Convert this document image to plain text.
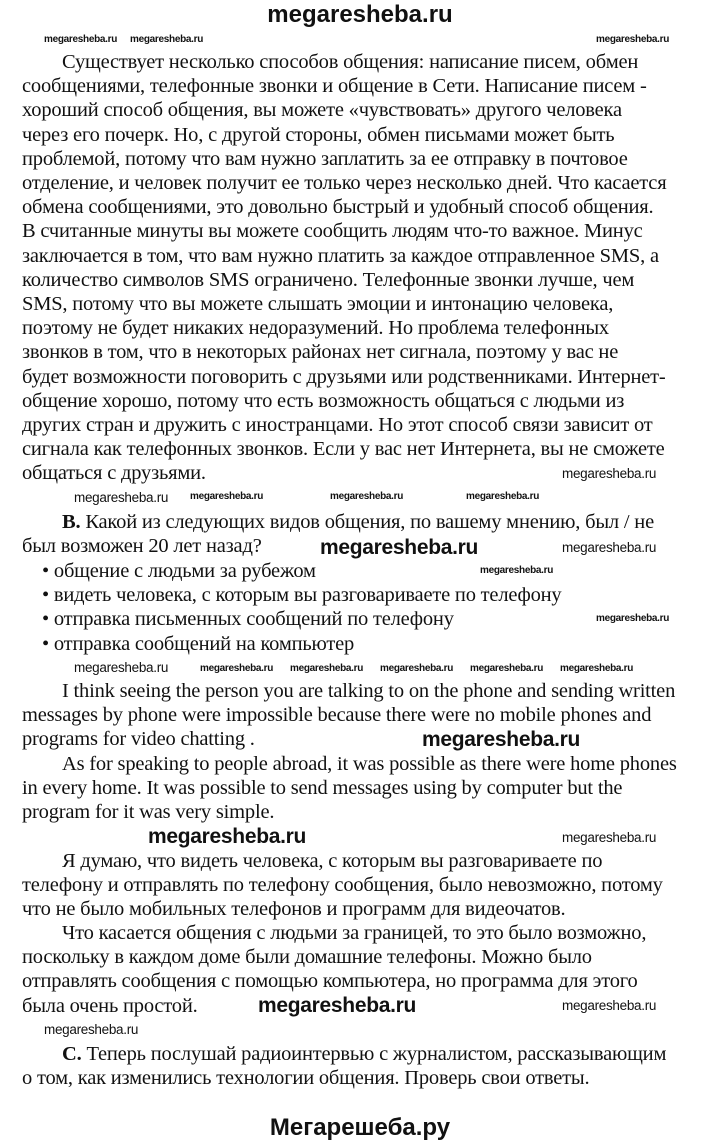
megaresheba.ru
Существует несколько способов общения: написание писем, обмен
сообщениями, телефонные звонки и общение в Сети. Написание писем -
хороший способ общения, вы можете «чувствовать» другого человека
через его почерк. Но, с другой стороны, обмен письмами может быть
проблемой, потому что вам нужно заплатить за ее отправку в почтовое
отделение, и человек получит ее только через несколько дней. Что касается
обмена сообщениями, это довольно быстрый и удобный способ общения.
В считанные минуты вы можете сообщить людям что-то важное. Минус
заключается в том, что вам нужно платить за каждое отправленное SMS, а
количество символов SMS ограничено. Телефонные звонки лучше, чем
SMS, потому что вы можете слышать эмоции и интонацию человека,
поэтому не будет никаких недоразумений. Но проблема телефонных
звонков в том, что в некоторых районах нет сигнала, поэтому у вас не
будет возможности поговорить с друзьями или родственниками. Интернет-
общение хорошо, потому что есть возможность общаться с людьми из
других стран и дружить с иностранцами. Но этот способ связи зависит от
сигнала как телефонных звонков. Если у вас нет Интернета, вы не сможете
общаться с друзьями.
B. Какой из следующих видов общения, по вашему мнению, был / не
был возможен 20 лет назад?
• общение с людьми за рубежом
• видеть человека, с которым вы разговариваете по телефону
• отправка письменных сообщений по телефону
• отправка сообщений на компьютер
I think seeing the person you are talking to on the phone and sending written
messages by phone were impossible because there were no mobile phones and
programs for video chatting .
As for speaking to people abroad, it was possible as there were home phones
in every home. It was possible to send messages using by computer but the
program for it was very simple.
Я думаю, что видеть человека, с которым вы разговариваете по
телефону и отправлять по телефону сообщения, было невозможно, потому
что не было мобильных телефонов и программ для видеочатов.
Что касается общения с людьми за границей, то это было возможно,
поскольку в каждом доме были домашние телефоны. Можно было
отправлять сообщения с помощью компьютера, но программа для этого
была очень простой.
C. Теперь послушай радиоинтервью с журналистом, рассказывающим
о том, как изменились технологии общения. Проверь свои ответы.
Мегарешеба.ру
megaresheba.ru megaresheba.ru	megaresheba.ru
megaresheba.ru	megaresheba.ru	megaresheba.ru
megaresheba.ru
megaresheba.ru
megaresheba.ru megaresheba.ru megaresheba.ru megaresheba.ru megaresheba.ru
megaresheba.ru
megaresheba.ru
megaresheba.ru	megaresheba.ru
megaresheba.ru
megaresheba.ru
megaresheba.ru	megaresheba.ru
megaresheba.ru	megaresheba.ru
megaresheba.ru
